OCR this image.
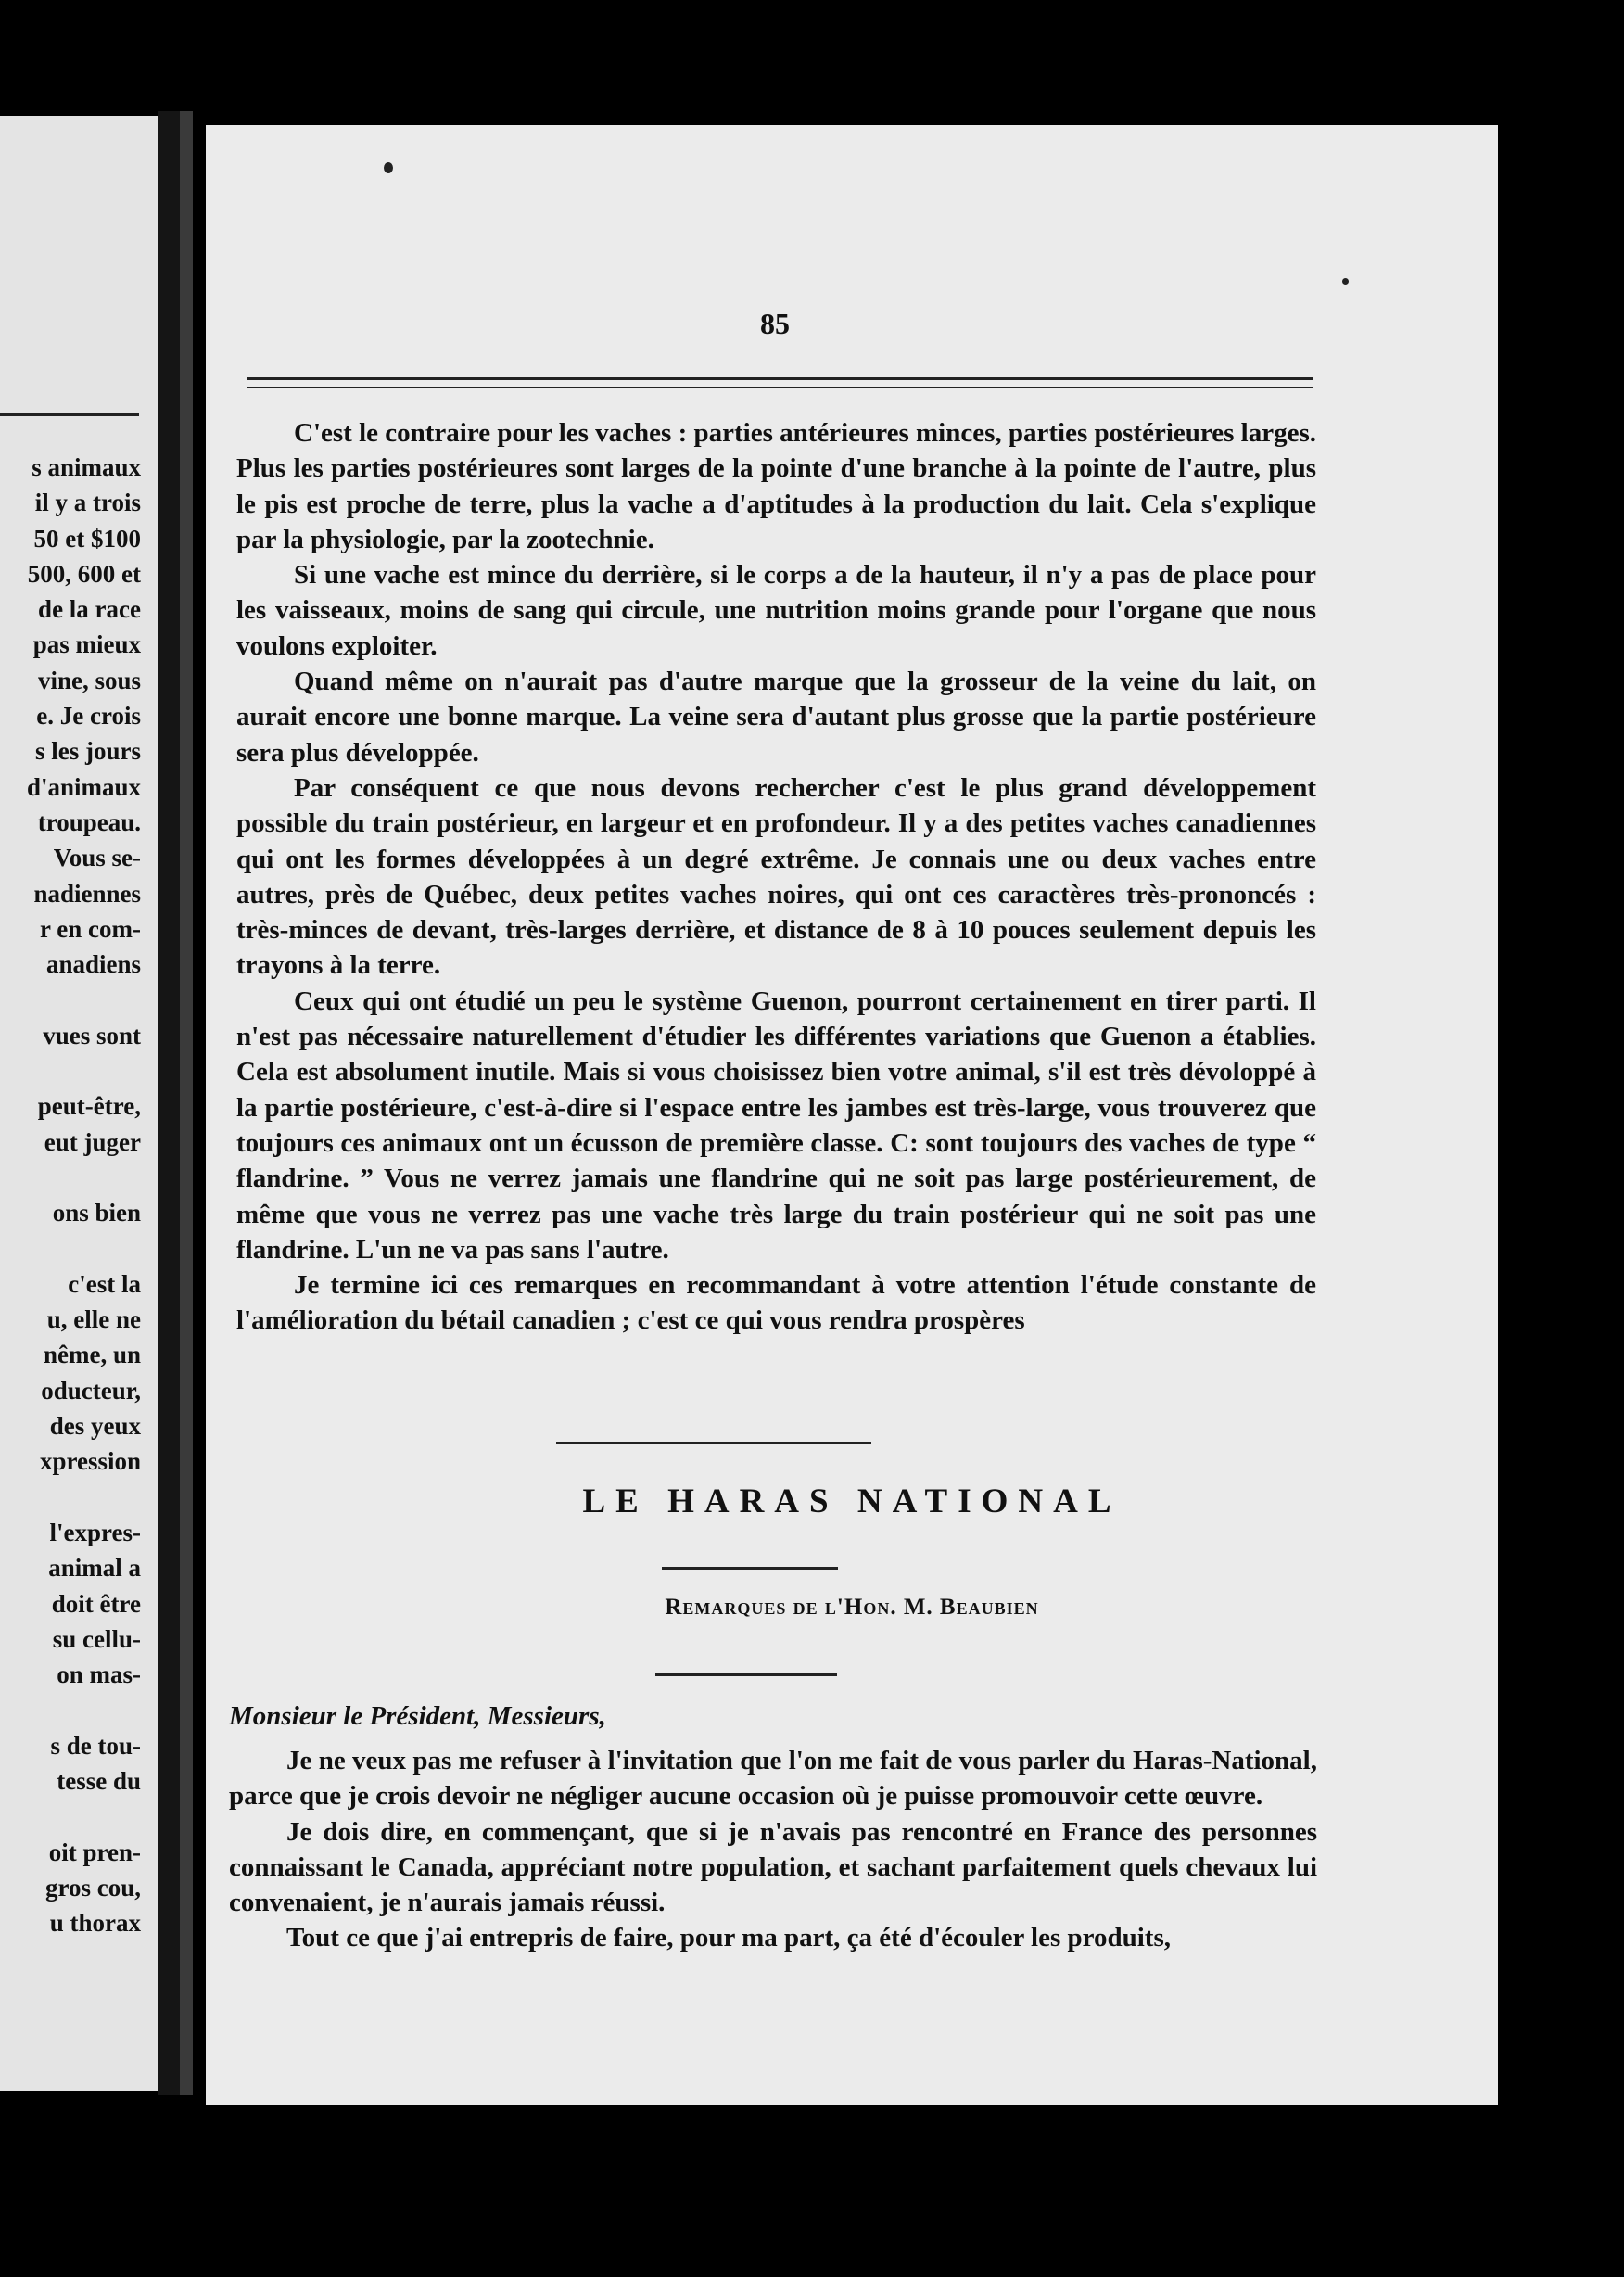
s animaux
il y a trois
50 et $100
500, 600 et
de la race
pas mieux
vine, sous
e. Je crois
s les jours
d'animaux
troupeau.
Vous se-
nadiennes
r en com-
anadiens

vues sont

peut-être,
eut juger

ons bien

c'est la
u, elle ne
nême, un
oducteur,
des yeux
xpression

l'expres-
animal a
doit être
su cellu-
on mas-

s de tou-
tesse du

oit pren-
gros cou,
u thorax
85

C'est le contraire pour les vaches : parties antérieures minces, parties postérieures larges. Plus les parties postérieures sont larges de la pointe d'une branche à la pointe de l'autre, plus le pis est proche de terre, plus la vache a d'aptitudes à la production du lait. Cela s'explique par la physiologie, par la zootechnie.

Si une vache est mince du derrière, si le corps a de la hauteur, il n'y a pas de place pour les vaisseaux, moins de sang qui circule, une nutrition moins grande pour l'organe que nous voulons exploiter.

Quand même on n'aurait pas d'autre marque que la grosseur de la veine du lait, on aurait encore une bonne marque. La veine sera d'autant plus grosse que la partie postérieure sera plus développée.

Par conséquent ce que nous devons rechercher c'est le plus grand développement possible du train postérieur, en largeur et en profondeur. Il y a des petites vaches canadiennes qui ont les formes développées à un degré extrême. Je connais une ou deux vaches entre autres, près de Québec, deux petites vaches noires, qui ont ces caractères très-prononcés : très-minces de devant, très-larges derrière, et distance de 8 à 10 pouces seulement depuis les trayons à la terre.

Ceux qui ont étudié un peu le système Guenon, pourront certainement en tirer parti. Il n'est pas nécessaire naturellement d'étudier les différentes variations que Guenon a établies. Cela est absolument inutile. Mais si vous choisissez bien votre animal, s'il est très dévoloppé à la partie postérieure, c'est-à-dire si l'espace entre les jambes est très-large, vous trouverez que toujours ces animaux ont un écusson de première classe. C: sont toujours des vaches de type “ flandrine. ” Vous ne verrez jamais une flandrine qui ne soit pas large postérieurement, de même que vous ne verrez pas une vache très large du train postérieur qui ne soit pas une flandrine. L'un ne va pas sans l'autre.

Je termine ici ces remarques en recommandant à votre attention l'étude constante de l'amélioration du bétail canadien ; c'est ce qui vous rendra prospères

LE HARAS NATIONAL
Remarques de l'Hon. M. Beaubien
Monsieur le Président, Messieurs,

Je ne veux pas me refuser à l'invitation que l'on me fait de vous parler du Haras-National, parce que je crois devoir ne négliger aucune occasion où je puisse promouvoir cette œuvre.

Je dois dire, en commençant, que si je n'avais pas rencontré en France des personnes connaissant le Canada, appréciant notre population, et sachant parfaitement quels chevaux lui convenaient, je n'aurais jamais réussi.

Tout ce que j'ai entrepris de faire, pour ma part, ça été d'écouler les produits,
